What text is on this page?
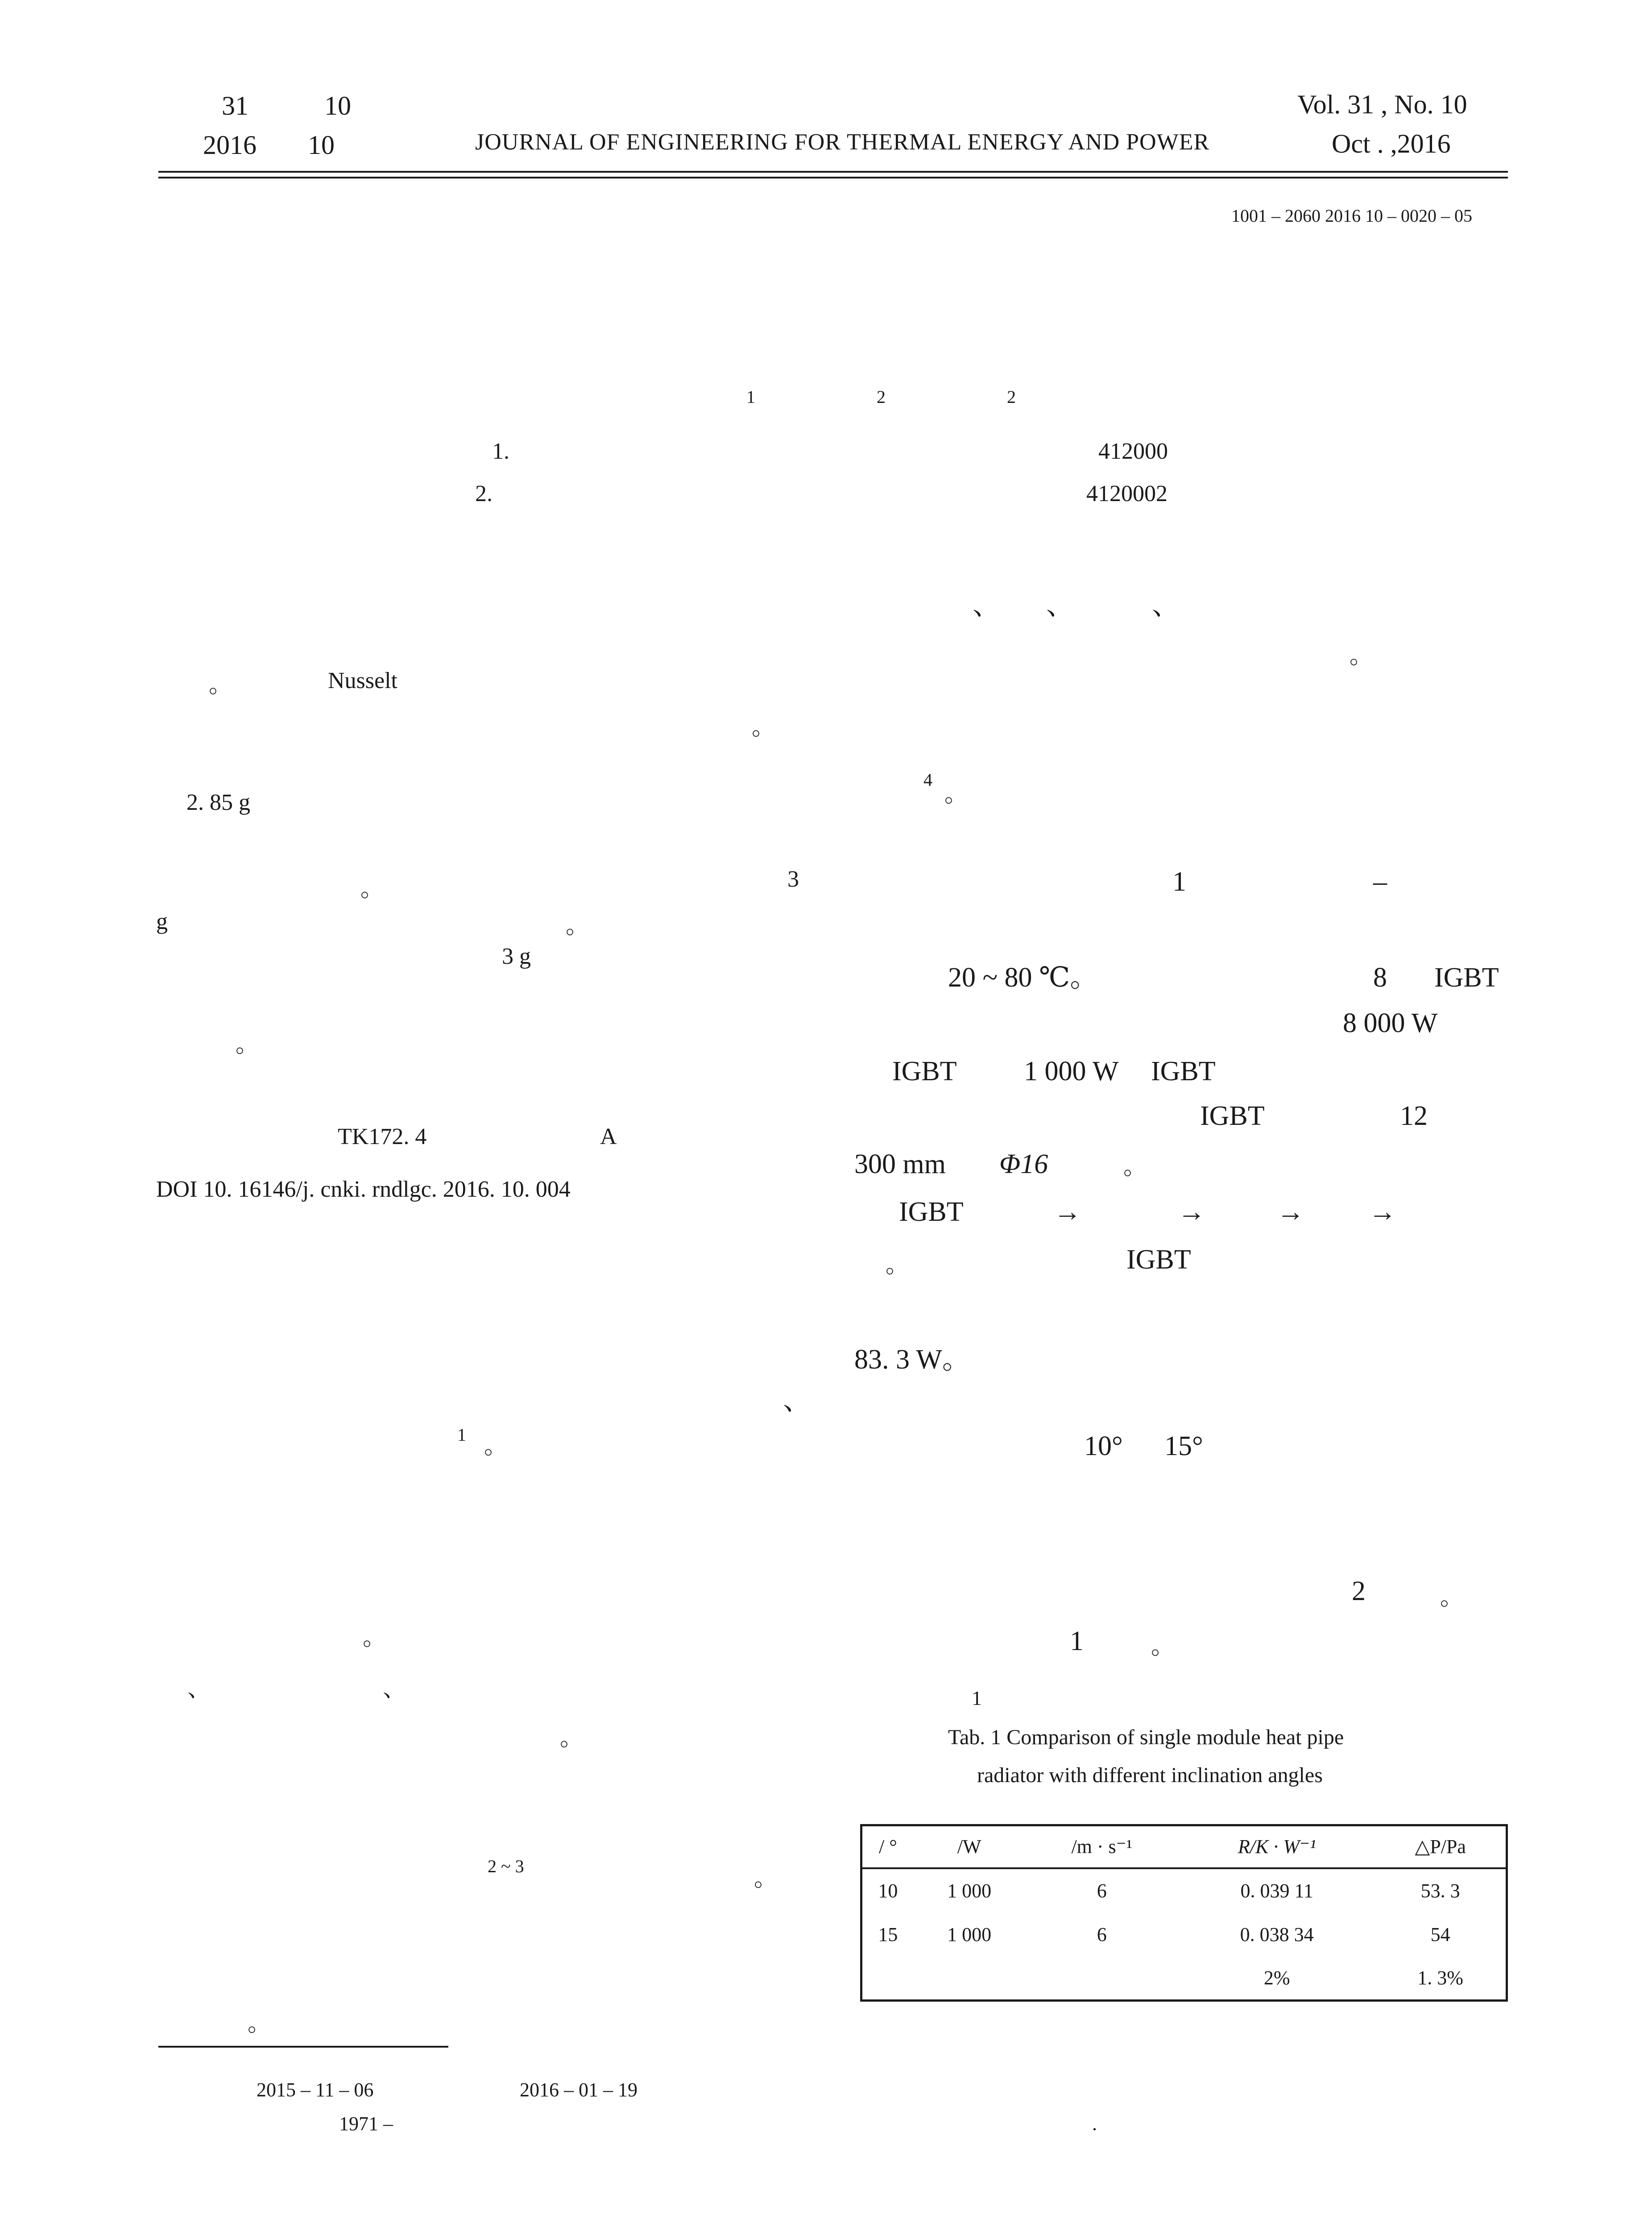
31	10
2016 10	JOURNAL OF ENGINEERING FOR THERMAL ENERGY AND POWER
Vol. 31 , No. 10
Oct . ,2016
1001 – 2060 2016 10 – 0020 – 05
1	2	2
1.	412000
2.	4120002
。	Nusselt
。
2. 85 g
。	3
g	。
3 g
。
TK172. 4	A
DOI 10. 16146/j. cnki. rndlgc. 2016. 10. 004
1 。
。
、	、
。
2 ~ 3	。
。
2015 – 11 – 06	2016 – 01 – 19
1971 –	.
、 、	、
。
4
。
1	–
20 ~ 80 ℃。	8 IGBT
8 000 W
IGBT 1 000 W IGBT
IGBT	12
300 mm Φ16	。
IGBT	→	→	→ →
。	IGBT
83. 3 W。
、
10° 15°
2	。
1	。
1
Tab. 1 Comparison of single module heat pipe
radiator with different inclination angles
/ °	/W	/m · s⁻¹	R/K · W⁻¹	△P/Pa
10	1 000	6	0. 039 11	53. 3
15	1 000	6	0. 038 34	54
			2%	1. 3%
